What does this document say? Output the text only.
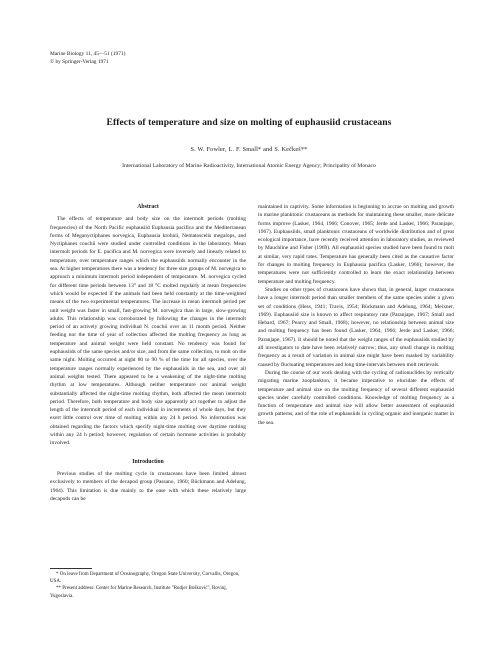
Marine Biology 11, 45—51 (1971)
© by Springer-Verlag 1971
Effects of temperature and size on molting of euphausiid crustaceans
S. W. Fowler, L. F. Small* and S. Kečkeš**
International Laboratory of Marine Radioactivity, International Atomic Energy Agency; Principality of Monaco
Abstract

The effects of temperature and body size on the intermolt periods (molting frequencies) of the North Pacific euphausiid Euphausia pacifica and the Mediterranean forms of Meganyctiphanes norvegica, Euphausia krohnii, Nematoscelis megalops, and Nyctiphanes couchii were studied under controlled conditions in the laboratory. Mean intermolt periods for E. pacifica and M. norvegica were inversely and linearly related to temperature, over temperature ranges which the euphausiids normally encounter in the sea. At higher temperatures there was a tendency for three size groups of M. norvegica to approach a minimum intermolt period independent of temperature. M. norvegica cycled for different time periods between 13° and 18 °C molted regularly at mean frequencies which would be expected if the animals had been held constantly at the time-weighted means of the two experimental temperatures. The increase in mean intermolt period per unit weight was faster in small, fast-growing M. norvegica than in large, slow-growing adults. This relationship was corroborated by following the changes in the intermolt period of an actively growing individual N. couchii over an 11 month period. Neither feeding nor the time of year of collection affected the molting frequency as long as temperature and animal weight were held constant. No tendency was found for euphausiids of the same species and/or size, and from the same collection, to molt on the same night. Molting occurred at night 80 to 90 % of the time for all species, over the temperature ranges normally experienced by the euphausiids in the sea, and over all animal weights tested. There appeared to be a weakening of the night-time molting rhythm at low temperatures. Although neither temperature nor animal weight substantially affected the night-time molting rhythm, both affected the mean intermolt period. Therefore, both temperature and body size apparently act together to adjust the length of the intermolt period of each individual in increments of whole days, but they exert little control over time of molting within any 24 h period. No information was obtained regarding the factors which specify night-time molting over daytime molting within any 24 h period; however, regulation of certain hormone activities is probably involved.

Introduction

Previous studies of the molting cycle in crustaceans have been limited almost exclusively to members of the decapod group (Passano, 1960; Bückmann and Adelung, 1964). This limitation is due mainly to the ease with which these relatively large decapods can be

maintained in captivity. Some information is beginning to accrue on molting and growth in marine planktonic crustaceans as methods for maintaining these smaller, more delicate forms improve (Lasker, 1964, 1966; Conover, 1965; Jerde and Lasker, 1966; Paranjape, 1967). Euphausiids, small planktonic crustaceans of worldwide distribution and of great ecological importance, have recently received attention in laboratory studies, as reviewed by Mauchline and Fisher (1969). All euphausiid species studied have been found to molt at similar, very rapid rates. Temperature has generally been cited as the causative factor for changes in molting frequency in Euphausia pacifica (Lasker, 1966); however, the temperatures were not sufficiently controlled to learn the exact relationship between temperature and molting frequency.

Studies on other types of crustaceans have shown that, in general, larger crustaceans have a longer intermolt period than smaller members of the same species under a given set of conditions (Hess, 1941; Travis, 1954; Bückmann and Adelung, 1964; Meixner, 1969). Euphausiid size is known to affect respiratory rate (Paranjape, 1967; Small and Hebard, 1967; Pearcy and Small, 1968); however, no relationship between animal size and molting frequency has been found (Lasker, 1964, 1966; Jerde and Lasker, 1966; Paranjape, 1967). It should be noted that the weight ranges of the euphausiids studied by all investigators to date have been relatively narrow; thus, any small change in molting frequency as a result of variation in animal size might have been masked by variability caused by fluctuating temperatures and long time-intervals between molt retrievals.

During the course of our work dealing with the cycling of radionuclides by vertically migrating marine zooplankton, it became imperative to elucidate the effects of temperature and animal size on the molting frequency of several different euphausiid species under carefully controlled conditions. Knowledge of molting frequency as a function of temperature and animal size will allow better assessment of euphausiid growth patterns, and of the role of euphausiids in cycling organic and inorganic matter in the sea.

* On leave from Department of Oceanography, Oregon State University, Corvallis, Oregon, USA.

** Present address: Center for Marine Research, Institute "Rudjer Bošković", Rovinj, Yugoslavia.
